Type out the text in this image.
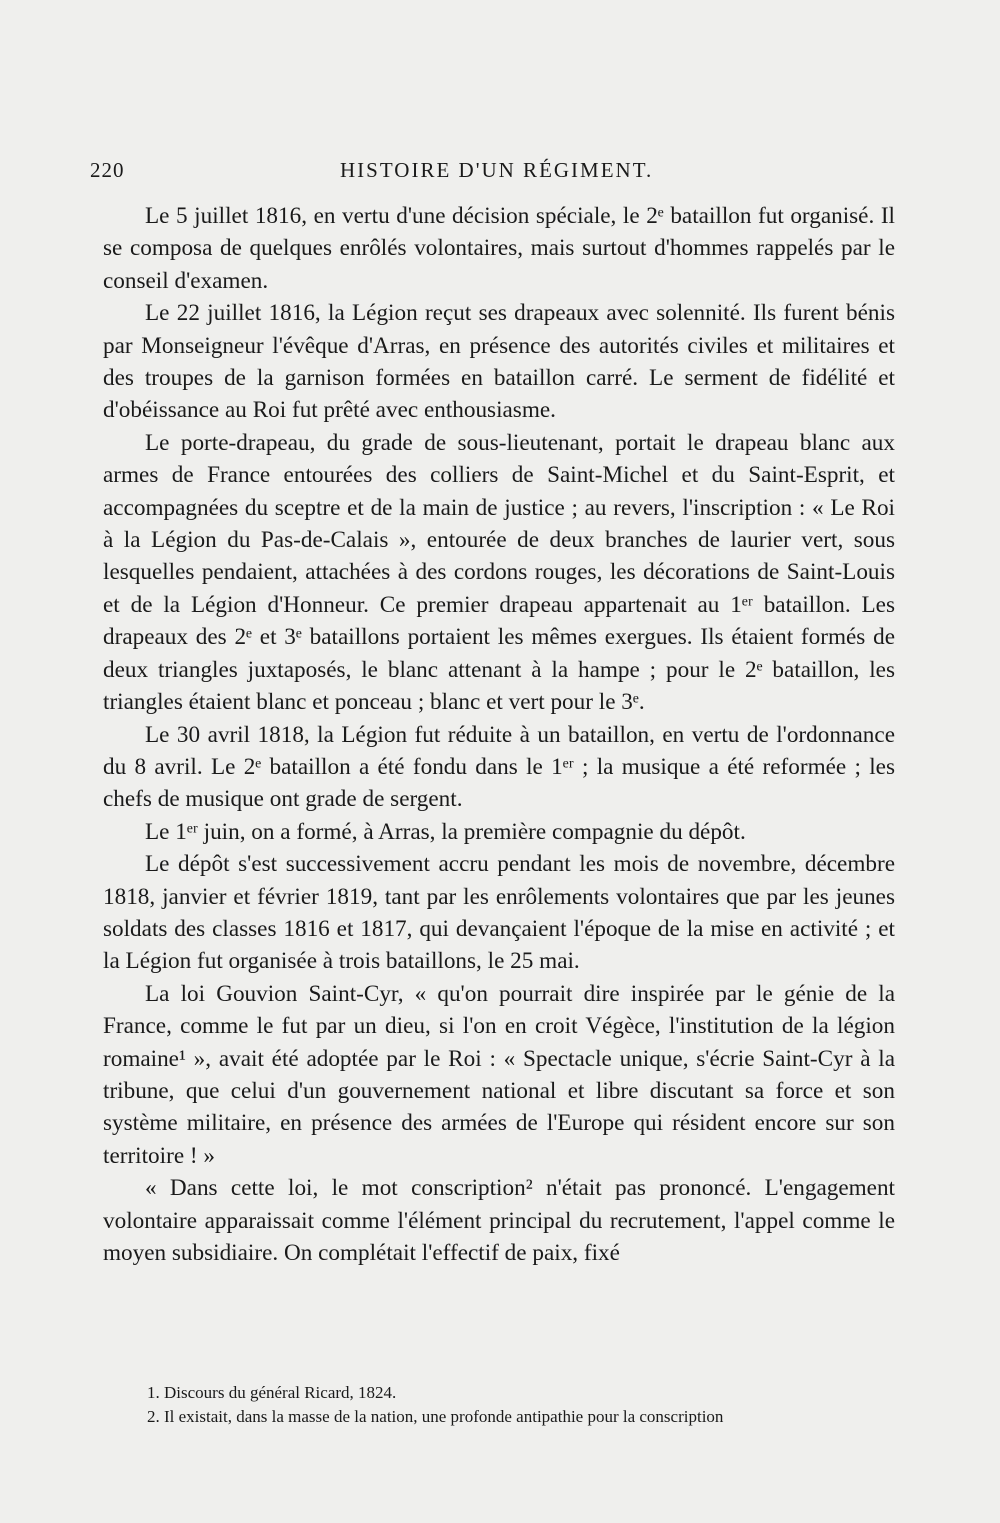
220	HISTOIRE D'UN RÉGIMENT.

Le 5 juillet 1816, en vertu d'une décision spéciale, le 2ᵉ bataillon fut organisé. Il se composa de quelques enrôlés volontaires, mais surtout d'hommes rappelés par le conseil d'examen.

Le 22 juillet 1816, la Légion reçut ses drapeaux avec solennité. Ils furent bénis par Monseigneur l'évêque d'Arras, en présence des autorités civiles et militaires et des troupes de la garnison formées en bataillon carré. Le serment de fidélité et d'obéissance au Roi fut prêté avec enthousiasme.

Le porte-drapeau, du grade de sous-lieutenant, portait le drapeau blanc aux armes de France entourées des colliers de Saint-Michel et du Saint-Esprit, et accompagnées du sceptre et de la main de justice ; au revers, l'inscription : « Le Roi à la Légion du Pas-de-Calais », entourée de deux branches de laurier vert, sous lesquelles pendaient, attachées à des cordons rouges, les décorations de Saint-Louis et de la Légion d'Honneur. Ce premier drapeau appartenait au 1ᵉʳ bataillon. Les drapeaux des 2ᵉ et 3ᵉ bataillons portaient les mêmes exergues. Ils étaient formés de deux triangles juxtaposés, le blanc attenant à la hampe ; pour le 2ᵉ bataillon, les triangles étaient blanc et ponceau ; blanc et vert pour le 3ᵉ.

Le 30 avril 1818, la Légion fut réduite à un bataillon, en vertu de l'ordonnance du 8 avril. Le 2ᵉ bataillon a été fondu dans le 1ᵉʳ ; la musique a été reformée ; les chefs de musique ont grade de sergent.

Le 1ᵉʳ juin, on a formé, à Arras, la première compagnie du dépôt.

Le dépôt s'est successivement accru pendant les mois de novembre, décembre 1818, janvier et février 1819, tant par les enrôlements volontaires que par les jeunes soldats des classes 1816 et 1817, qui devançaient l'époque de la mise en activité ; et la Légion fut organisée à trois bataillons, le 25 mai.

La loi Gouvion Saint-Cyr, « qu'on pourrait dire inspirée par le génie de la France, comme le fut par un dieu, si l'on en croit Végèce, l'institution de la légion romaine¹ », avait été adoptée par le Roi : « Spectacle unique, s'écrie Saint-Cyr à la tribune, que celui d'un gouvernement national et libre discutant sa force et son système militaire, en présence des armées de l'Europe qui résident encore sur son territoire ! »

« Dans cette loi, le mot conscription² n'était pas prononcé. L'engagement volontaire apparaissait comme l'élément principal du recrutement, l'appel comme le moyen subsidiaire. On complétait l'effectif de paix, fixé

1. Discours du général Ricard, 1824.

2. Il existait, dans la masse de la nation, une profonde antipathie pour la conscription
